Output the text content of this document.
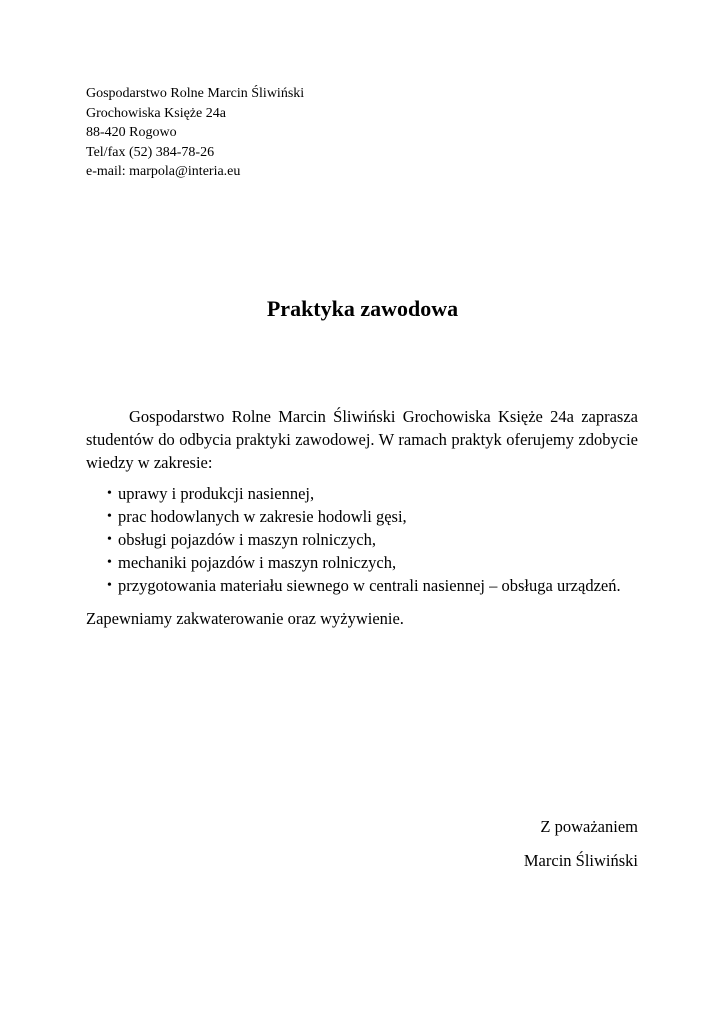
Gospodarstwo Rolne Marcin Śliwiński
Grochowiska Księże 24a
88-420 Rogowo
Tel/fax (52) 384-78-26
e-mail: marpola@interia.eu
Praktyka zawodowa

Gospodarstwo Rolne Marcin Śliwiński Grochowiska Księże 24a zaprasza studentów do odbycia praktyki zawodowej. W ramach praktyk oferujemy zdobycie wiedzy w zakresie:

• uprawy i produkcji nasiennej,
• prac hodowlanych w zakresie hodowli gęsi,
• obsługi pojazdów i maszyn rolniczych,
• mechaniki pojazdów i maszyn rolniczych,
• przygotowania materiału siewnego w centrali nasiennej – obsługa urządzeń.

Zapewniamy zakwaterowanie oraz wyżywienie.

Z poważaniem
Marcin Śliwiński
